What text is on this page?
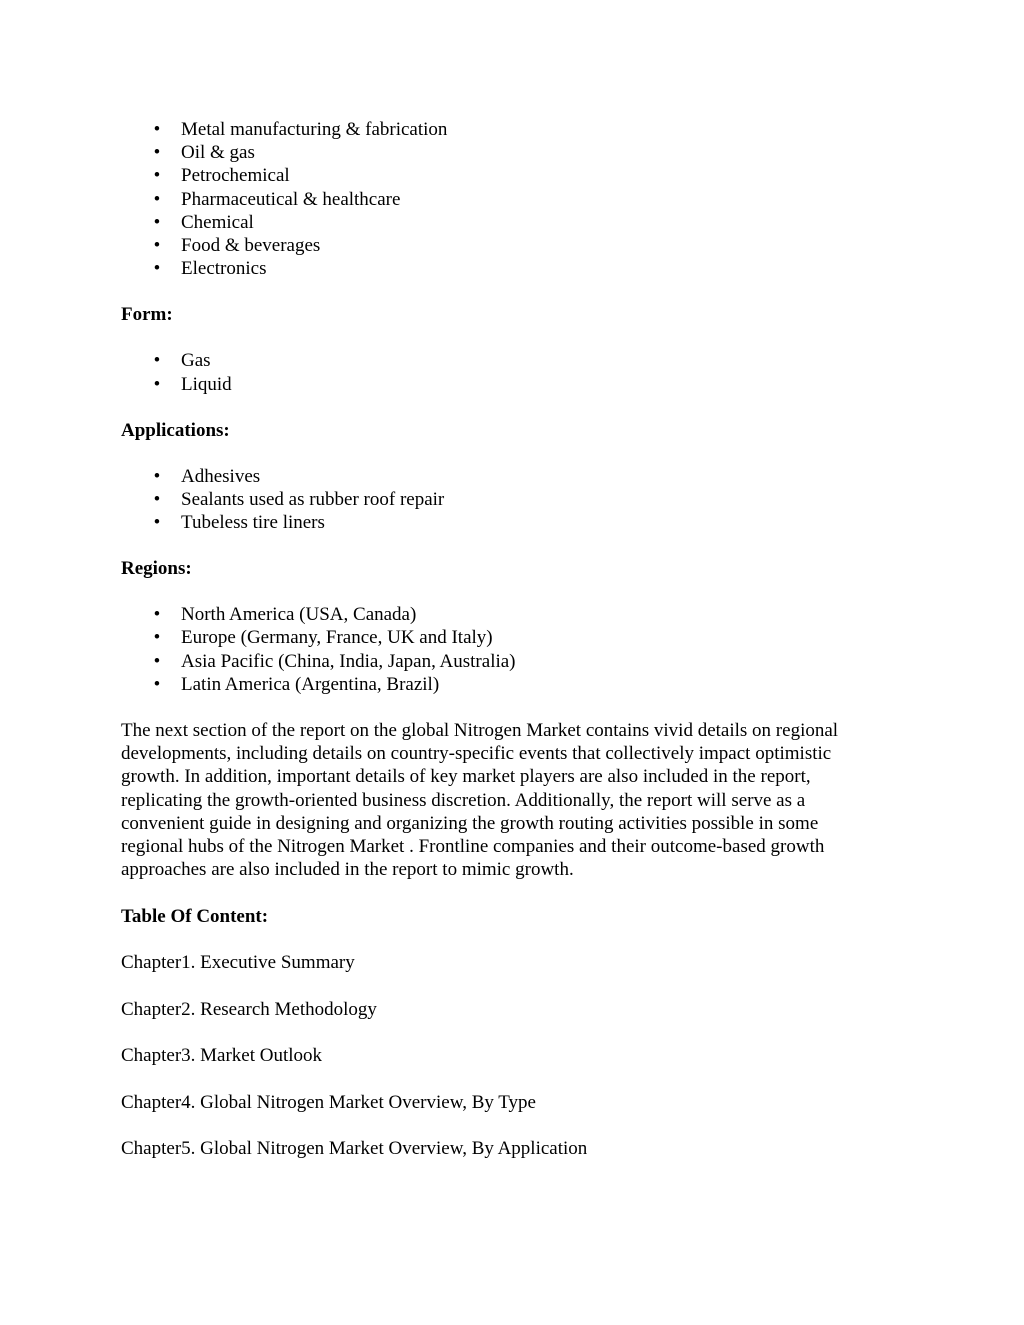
• Metal manufacturing & fabrication
• Oil & gas
• Petrochemical
• Pharmaceutical & healthcare
• Chemical
• Food & beverages
• Electronics

Form:

• Gas
• Liquid

Applications:

• Adhesives
• Sealants used as rubber roof repair
• Tubeless tire liners

Regions:

• North America (USA, Canada)
• Europe (Germany, France, UK and Italy)
• Asia Pacific (China, India, Japan, Australia)
• Latin America (Argentina, Brazil)

The next section of the report on the global Nitrogen Market contains vivid details on regional

developments, including details on country-specific events that collectively impact optimistic

growth. In addition, important details of key market players are also included in the report,

replicating the growth-oriented business discretion. Additionally, the report will serve as a

convenient guide in designing and organizing the growth routing activities possible in some

regional hubs of the Nitrogen Market . Frontline companies and their outcome-based growth

approaches are also included in the report to mimic growth.

Table Of Content:

Chapter1. Executive Summary

Chapter2. Research Methodology

Chapter3. Market Outlook

Chapter4. Global Nitrogen Market Overview, By Type

Chapter5. Global Nitrogen Market Overview, By Application
